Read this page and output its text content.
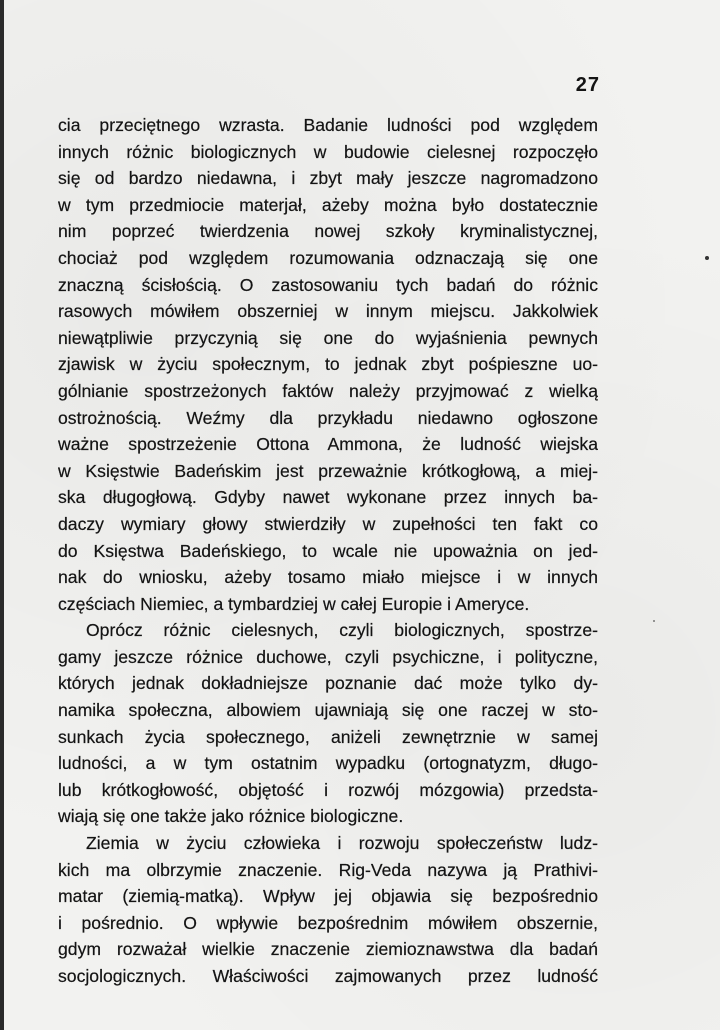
27
cia przeciętnego wzrasta. Badanie ludności pod względem
innych różnic biologicznych w budowie cielesnej rozpoczęło
się od bardzo niedawna, i zbyt mały jeszcze nagromadzono
w tym przedmiocie materjał, ażeby można było dostatecznie
nim poprzeć twierdzenia nowej szkoły kryminalistycznej,
chociaż pod względem rozumowania odznaczają się one
znaczną ścisłością. O zastosowaniu tych badań do różnic
rasowych mówiłem obszerniej w innym miejscu. Jakkolwiek
niewątpliwie przyczynią się one do wyjaśnienia pewnych
zjawisk w życiu społecznym, to jednak zbyt pośpieszne uo-
gólnianie spostrzeżonych faktów należy przyjmować z wielką
ostrożnością. Weźmy dla przykładu niedawno ogłoszone
ważne spostrzeżenie Ottona Ammona, że ludność wiejska
w Księstwie Badeńskim jest przeważnie krótkogłową, a miej-
ska długogłową. Gdyby nawet wykonane przez innych ba-
daczy wymiary głowy stwierdziły w zupełności ten fakt co
do Księstwa Badeńskiego, to wcale nie upoważnia on jed-
nak do wniosku, ażeby tosamo miało miejsce i w innych
częściach Niemiec, a tymbardziej w całej Europie i Ameryce.
Oprócz różnic cielesnych, czyli biologicznych, spostrze-
gamy jeszcze różnice duchowe, czyli psychiczne, i polityczne,
których jednak dokładniejsze poznanie dać może tylko dy-
namika społeczna, albowiem ujawniają się one raczej w sto-
sunkach życia społecznego, aniżeli zewnętrznie w samej
ludności, a w tym ostatnim wypadku (ortognatyzm, długo-
lub krótkogłowość, objętość i rozwój mózgowia) przedsta-
wiają się one także jako różnice biologiczne.
Ziemia w życiu człowieka i rozwoju społeczeństw ludz-
kich ma olbrzymie znaczenie. Rig-Veda nazywa ją Prathivi-
matar (ziemią-matką). Wpływ jej objawia się bezpośrednio
i pośrednio. O wpływie bezpośrednim mówiłem obszernie,
gdym rozważał wielkie znaczenie ziemioznawstwa dla badań
socjologicznych. Właściwości zajmowanych przez ludność
